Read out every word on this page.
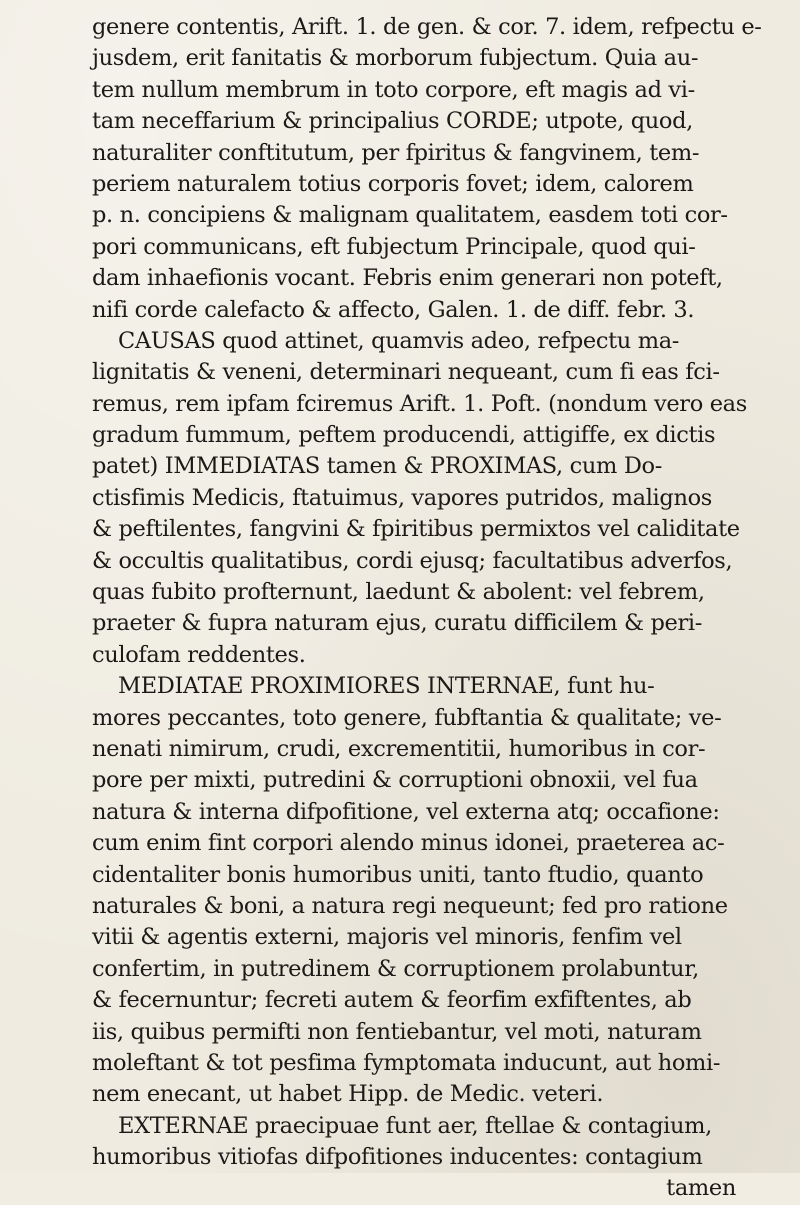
genere contentis, Arift. 1. de gen. & cor. 7. idem, refpectu e-
jusdem, erit fanitatis & morborum fubjectum. Quia au-
tem nullum membrum in toto corpore, eft magis ad vi-
tam neceffarium & principalius CORDE; utpote, quod,
naturaliter conftitutum, per fpiritus & fangvinem, tem-
periem naturalem totius corporis fovet; idem, calorem
p. n. concipiens & malignam qualitatem, easdem toti cor-
pori communicans, eft fubjectum Principale, quod qui-
dam inhaefionis vocant. Febris enim generari non poteft,
nifi corde calefacto & affecto, Galen. 1. de diff. febr. 3.
CAUSAS quod attinet, quamvis adeo, refpectu ma-
lignitatis & veneni, determinari nequeant, cum fi eas fci-
remus, rem ipfam fciremus Arift. 1. Poft. (nondum vero eas
gradum fummum, peftem producendi, attigiffe, ex dictis
patet) IMMEDIATAS tamen & PROXIMAS, cum Do-
ctisfimis Medicis, ftatuimus, vapores putridos, malignos
& peftilentes, fangvini & fpiritibus permixtos vel caliditate
& occultis qualitatibus, cordi ejusq; facultatibus adverfos,
quas fubito profternunt, laedunt & abolent: vel febrem,
praeter & fupra naturam ejus, curatu difficilem & peri-
culofam reddentes.
MEDIATAE PROXIMIORES INTERNAE, funt hu-
mores peccantes, toto genere, fubftantia & qualitate; ve-
nenati nimirum, crudi, excrementitii, humoribus in cor-
pore per mixti, putredini & corruptioni obnoxii, vel fua
natura & interna difpofitione, vel externa atq; occafione:
cum enim fint corpori alendo minus idonei, praeterea ac-
cidentaliter bonis humoribus uniti, tanto ftudio, quanto
naturales & boni, a natura regi nequeunt; fed pro ratione
vitii & agentis externi, majoris vel minoris, fenfim vel
confertim, in putredinem & corruptionem prolabuntur,
& fecernuntur; fecreti autem & feorfim exfiftentes, ab
iis, quibus permifti non fentiebantur, vel moti, naturam
moleftant & tot pesfima fymptomata inducunt, aut homi-
nem enecant, ut habet Hipp. de Medic. veteri.
EXTERNAE praecipuae funt aer, ftellae & contagium,
humoribus vitiofas difpofitiones inducentes: contagium
tamen
